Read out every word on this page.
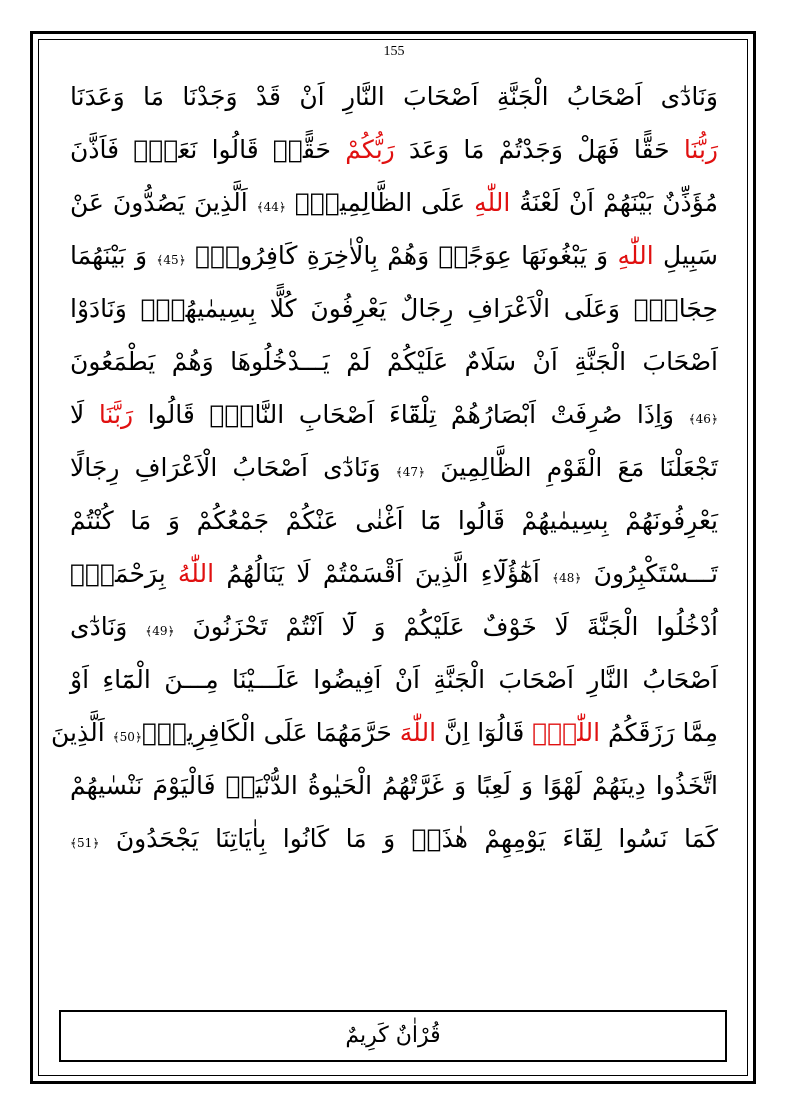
155
وَنَادٰٓى اَصْحَابُ الْجَنَّةِ اَصْحَابَ النَّارِ اَنْ قَدْ وَجَدْنَا مَا وَعَدَنَا
رَبُّنَا حَقًّا فَهَلْ وَجَدْتُمْ مَا وَعَدَ رَبُّكُمْ حَقًّاۜ قَالُوا نَعَمْۚ فَاَذَّنَ
مُؤَذِّنٌ بَيْنَهُمْ اَنْ لَعْنَةُ اللّٰهِ عَلَى الظَّالِمِينَۙ ﴿44﴾ اَلَّذِينَ يَصُدُّونَ عَنْ
سَبِيلِ اللّٰهِ وَ يَبْغُونَهَا عِوَجًاۚ وَهُمْ بِالْاٰخِرَةِ كَافِرُونَۢ ﴿45﴾ وَ بَيْنَهُمَا
حِجَابٌۚ وَعَلَى الْاَعْرَافِ رِجَالٌ يَعْرِفُونَ كُلًّا بِسِيمٰيهُمْۚ وَنَادَوْا
اَصْحَابَ الْجَنَّةِ اَنْ سَلَامٌ عَلَيْكُمْ لَمْ يَـــدْخُلُوهَا وَهُمْ يَطْمَعُونَ
﴿46﴾ وَاِذَا صُرِفَتْ اَبْصَارُهُمْ تِلْقَٓاءَ اَصْحَابِ النَّارِۙ قَالُوا رَبَّنَا لَا
تَجْعَلْنَا مَعَ الْقَوْمِ الظَّالِمِينَ ﴿47﴾ وَنَادٰٓى اَصْحَابُ الْاَعْرَافِ رِجَالًا
يَعْرِفُونَهُمْ بِسِيمٰيهُمْ قَالُوا مَٓا اَغْنٰى عَنْكُمْ جَمْعُكُمْ وَ مَا كُنْتُمْ
تَـــسْتَكْبِرُونَ ﴿48﴾ اَهٰٓؤُلَٓاءِ الَّذِينَ اَقْسَمْتُمْ لَا يَنَالُهُمُ اللّٰهُ بِرَحْمَةٍۜ
اُدْخُلُوا الْجَنَّةَ لَا خَوْفٌ عَلَيْكُمْ وَ لَٓا اَنْتُمْ تَحْزَنُونَ ﴿49﴾ وَنَادٰٓى
اَصْحَابُ النَّارِ اَصْحَابَ الْجَنَّةِ اَنْ اَفِيضُوا عَلَـــيْنَا مِـــنَ الْمَٓاءِ اَوْ
مِمَّا رَزَقَكُمُ اللّٰهُۜ قَالُوٓا اِنَّ اللّٰهَ حَرَّمَهُمَا عَلَى الْكَافِرِينَۙ﴿50﴾ اَلَّذِينَ
اتَّخَذُوا دِينَهُمْ لَهْوًا وَ لَعِبًا وَ غَرَّتْهُمُ الْحَيٰوةُ الدُّنْيَاۚ فَالْيَوْمَ نَنْسٰيهُمْ
كَمَا نَسُوا لِقَٓاءَ يَوْمِهِمْ هٰذَاۙ وَ مَا كَانُوا بِاٰيَاتِنَا يَجْحَدُونَ ﴿51﴾
قُرْاٰنٌ كَرِيمٌ
